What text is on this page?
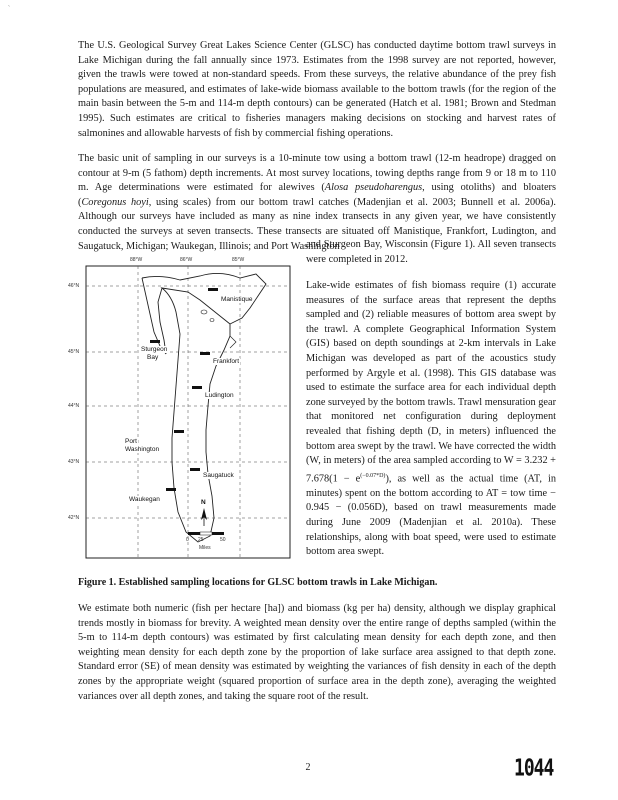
`

The U.S. Geological Survey Great Lakes Science Center (GLSC) has conducted daytime bottom trawl surveys in Lake Michigan during the fall annually since 1973. Estimates from the 1998 survey are not reported, however, given the trawls were towed at non-standard speeds. From these surveys, the relative abundance of the prey fish populations are measured, and estimates of lake-wide biomass available to the bottom trawls (for the region of the main basin between the 5-m and 114-m depth contours) can be generated (Hatch et al. 1981; Brown and Stedman 1995). Such estimates are critical to fisheries managers making decisions on stocking and harvest rates of salmonines and allowable harvests of fish by commercial fishing operations.

The basic unit of sampling in our surveys is a 10-minute tow using a bottom trawl (12-m headrope) dragged on contour at 9-m (5 fathom) depth increments. At most survey locations, towing depths range from 9 or 18 m to 110 m. Age determinations were estimated for alewives (Alosa pseudoharengus, using otoliths) and bloaters (Coregonus hoyi, using scales) from our bottom trawl catches (Madenjian et al. 2003; Bunnell et al. 2006a). Although our surveys have included as many as nine index transects in any given year, we have consistently conducted the surveys at seven transects. These transects are situated off Manistique, Frankfort, Ludington, and Saugatuck, Michigan; Waukegan, Illinois; and Port Washington

and Sturgeon Bay, Wisconsin (Figure 1). All seven transects were completed in 2012.

Lake-wide estimates of fish biomass require (1) accurate measures of the surface areas that represent the depths sampled and (2) reliable measures of bottom area swept by the trawl. A complete Geographical Information System (GIS) based on depth soundings at 2-km intervals in Lake Michigan was developed as part of the acoustics study performed by Argyle et al. (1998). This GIS database was used to estimate the surface area for each individual depth zone surveyed by the bottom trawls. Trawl mensuration gear that monitored net configuration during deployment revealed that fishing depth (D, in meters) influenced the bottom area swept by the trawl. We have corrected the width (W, in meters) of the area sampled according to $W = 3.232 + 7.678(1 - e^{(-0.07*D)})$, as well as the actual time (AT, in minutes) spent on the bottom according to AT = tow time − 0.945 − (0.056D), based on trawl measurements made during June 2009 (Madenjian et al. 2010a). These relationships, along with boat speed, were used to estimate bottom area swept.

88°W	86°W	85°W
46°N
45°N
44°N
43°N
42°N
Manistique
Sturgeon
Bay
Frankfort
Ludington
Port
Washington
Saugatuck
Waukegan	N
0 25	50
Miles

Figure 1. Established sampling locations for GLSC bottom trawls in Lake Michigan.

We estimate both numeric (fish per hectare [ha]) and biomass (kg per ha) density, although we display graphical trends mostly in biomass for brevity. A weighted mean density over the entire range of depths sampled (within the 5-m to 114-m depth contours) was estimated by first calculating mean density for each depth zone, and then weighting mean density for each depth zone by the proportion of lake surface area assigned to that depth zone. Standard error (SE) of mean density was estimated by weighting the variances of fish density in each of the depth zones by the appropriate weight (squared proportion of surface area in the depth zone), averaging the weighted variances over all depth zones, and taking the square root of the result.

2	1044
